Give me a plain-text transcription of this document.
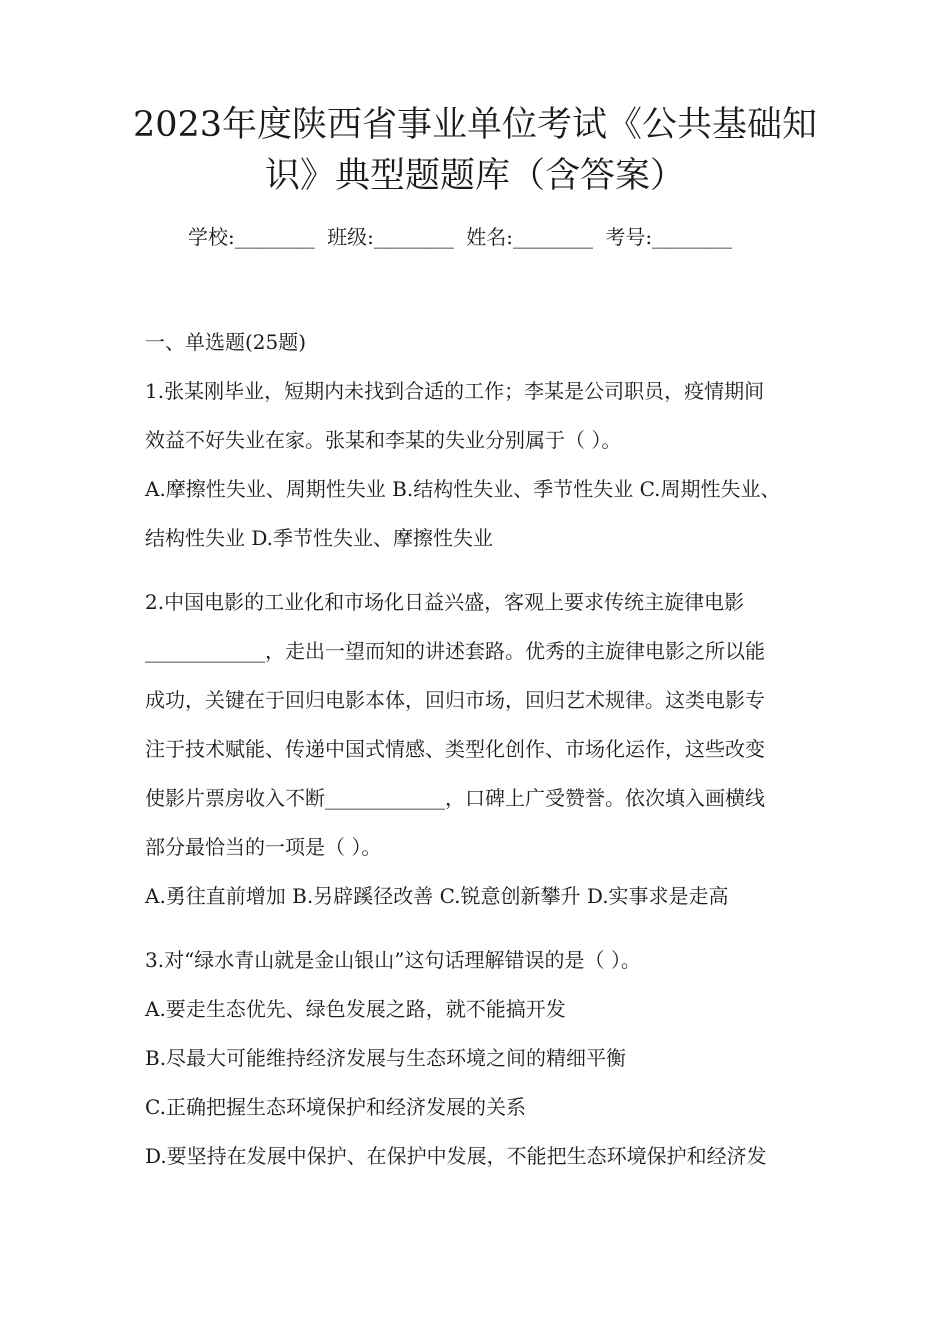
2023年度陕西省事业单位考试《公共基础知
识》典型题题库（含答案）
学校:________ 班级:________ 姓名:________ 考号:________

一、单选题(25题)

1.张某刚毕业，短期内未找到合适的工作；李某是公司职员，疫情期间

效益不好失业在家。张某和李某的失业分别属于（ ）。

A.摩擦性失业、周期性失业 B.结构性失业、季节性失业 C.周期性失业、

结构性失业 D.季节性失业、摩擦性失业

2.中国电影的工业化和市场化日益兴盛，客观上要求传统主旋律电影

____________，走出一望而知的讲述套路。优秀的主旋律电影之所以能

成功，关键在于回归电影本体，回归市场，回归艺术规律。这类电影专

注于技术赋能、传递中国式情感、类型化创作、市场化运作，这些改变

使影片票房收入不断____________，口碑上广受赞誉。依次填入画横线

部分最恰当的一项是（ ）。

A.勇往直前增加 B.另辟蹊径改善 C.锐意创新攀升 D.实事求是走高

3.对“绿水青山就是金山银山”这句话理解错误的是（ ）。

A.要走生态优先、绿色发展之路，就不能搞开发

B.尽最大可能维持经济发展与生态环境之间的精细平衡

C.正确把握生态环境保护和经济发展的关系

D.要坚持在发展中保护、在保护中发展，不能把生态环境保护和经济发
